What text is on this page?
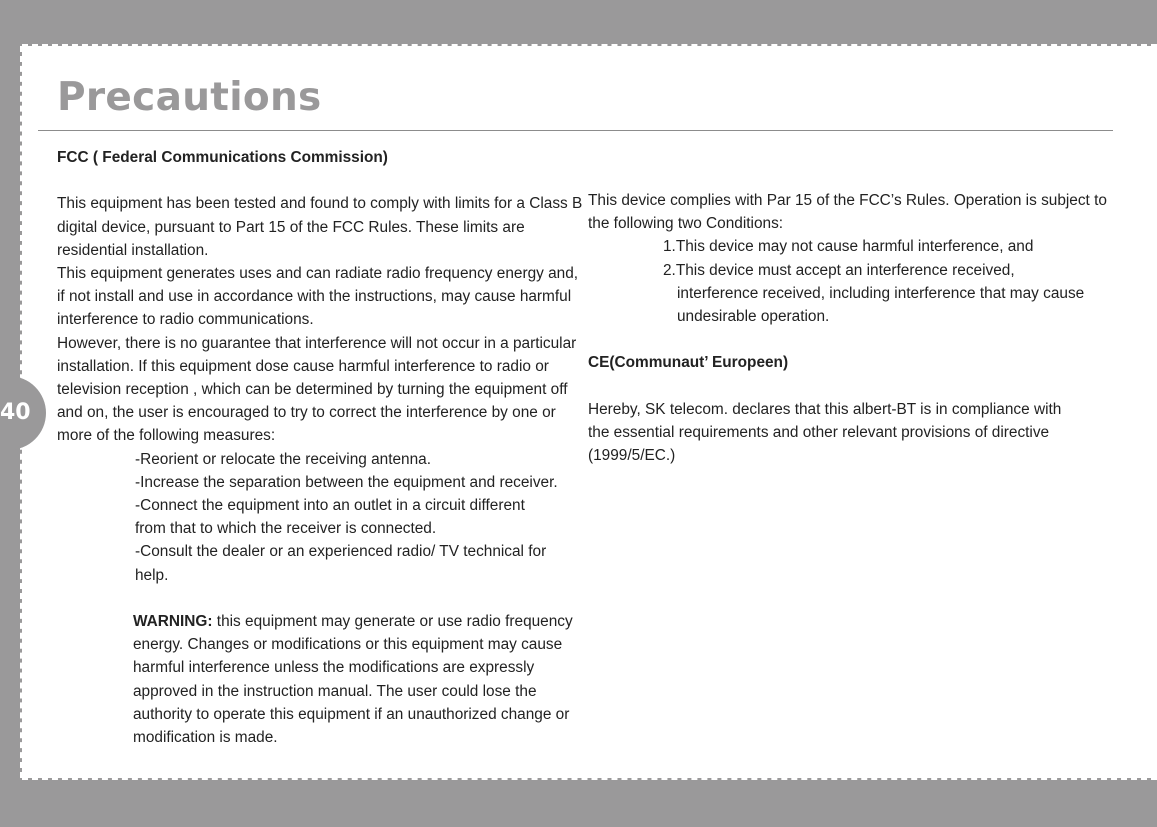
40
Precautions

FCC ( Federal Communications Commission)

This equipment has been tested and found to comply with limits for a Class B digital device, pursuant to Part 15 of the FCC Rules. These limits are residential installation.

This equipment generates uses and can radiate radio frequency energy and, if not install and use in accordance with the instructions, may cause harmful interference to radio communications.

However, there is no guarantee that interference will not occur in a particular installation. If this equipment dose cause harmful interference to radio or television reception , which can be determined by turning the equipment off and on, the user is encouraged to try to correct the interference by one or more of the following measures:

-Reorient or relocate the receiving antenna.
-Increase the separation between the equipment and receiver.
-Connect the equipment into an outlet in a circuit different from that to which the receiver is connected.
-Consult the dealer or an experienced radio/ TV technical for help.
WARNING: this equipment may generate or use radio frequency energy. Changes or modifications or this equipment may cause harmful interference unless the modifications are expressly approved in the instruction manual. The user could lose the authority to operate this equipment if an unauthorized change or modification is made.

This device complies with Par 15 of the FCC’s Rules. Operation is subject to the following two Conditions:

1.This device may not cause harmful interference, and
2.This device must accept an interference received, interference received, including interference that may cause undesirable operation.

CE(Communaut’ Europeen)

Hereby, SK telecom. declares that this albert-BT is in compliance with the essential requirements and other relevant provisions of directive (1999/5/EC.)
